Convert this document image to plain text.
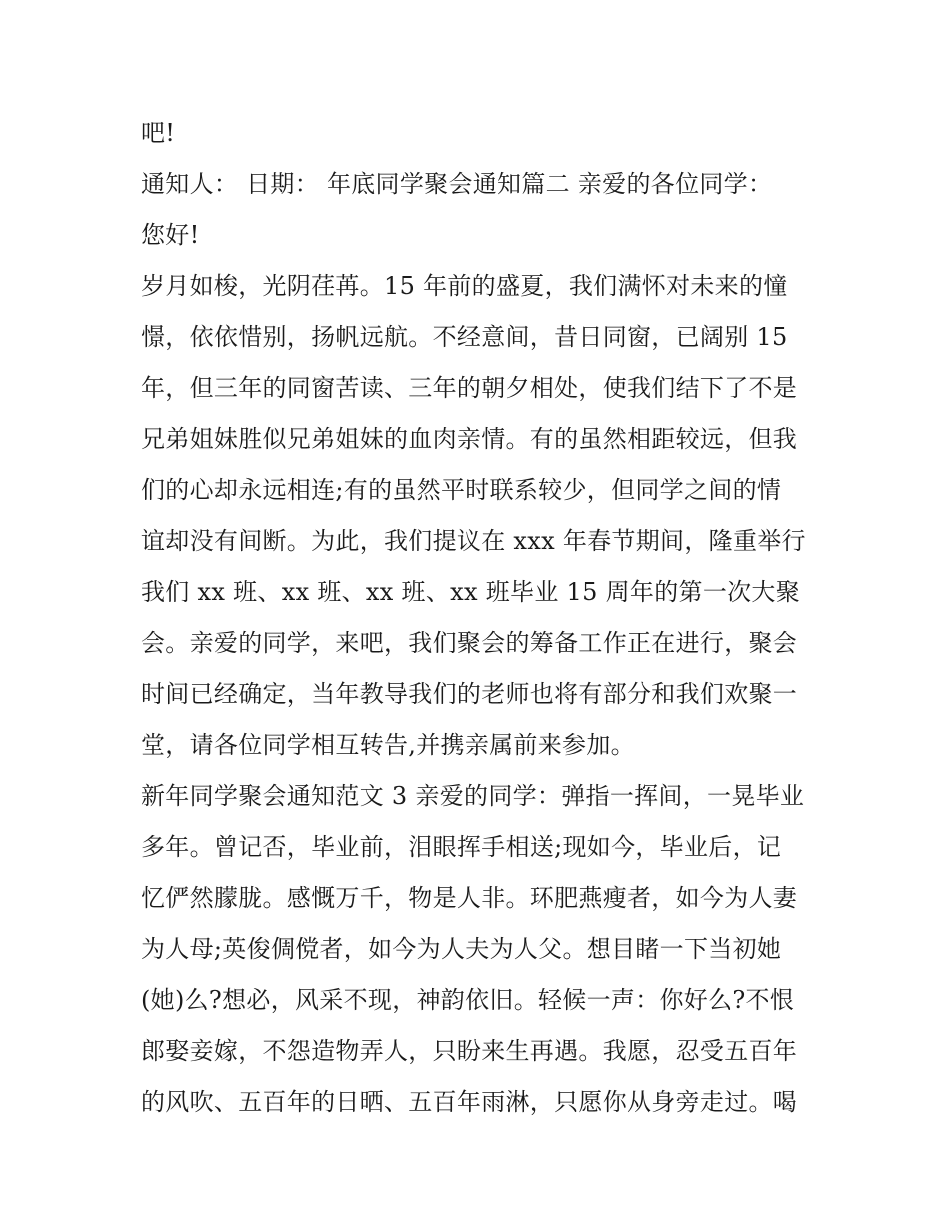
吧!
通知人： 日期： 年底同学聚会通知篇二 亲爱的各位同学：
您好!
岁月如梭，光阴荏苒。15 年前的盛夏，我们满怀对未来的憧
憬，依依惜别，扬帆远航。不经意间，昔日同窗，已阔别 15
年，但三年的同窗苦读、三年的朝夕相处，使我们结下了不是
兄弟姐妹胜似兄弟姐妹的血肉亲情。有的虽然相距较远，但我
们的心却永远相连;有的虽然平时联系较少，但同学之间的情
谊却没有间断。为此，我们提议在 xxx 年春节期间，隆重举行
我们 xx 班、xx 班、xx 班、xx 班毕业 15 周年的第一次大聚
会。亲爱的同学，来吧，我们聚会的筹备工作正在进行，聚会
时间已经确定，当年教导我们的老师也将有部分和我们欢聚一
堂，请各位同学相互转告,并携亲属前来参加。
新年同学聚会通知范文 3 亲爱的同学：弹指一挥间，一晃毕业
多年。曾记否，毕业前，泪眼挥手相送;现如今，毕业后，记
忆俨然朦胧。感慨万千，物是人非。环肥燕瘦者，如今为人妻
为人母;英俊倜傥者，如今为人夫为人父。想目睹一下当初她
(她)么?想必，风采不现，神韵依旧。轻候一声：你好么?不恨
郎娶妾嫁，不怨造物弄人，只盼来生再遇。我愿，忍受五百年
的风吹、五百年的日晒、五百年雨淋，只愿你从身旁走过。喝
